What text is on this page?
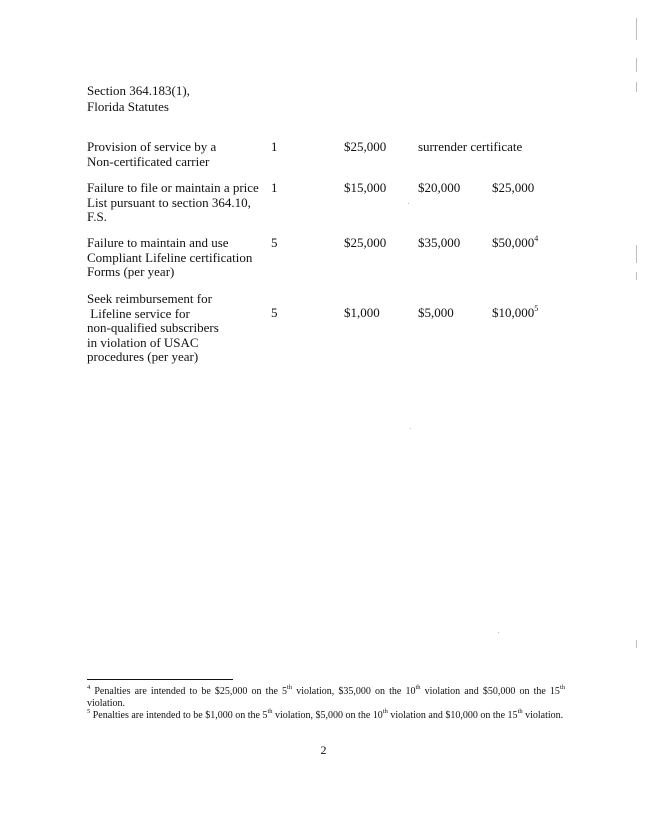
Section 364.183(1),
Florida Statutes
Provision of service by a
Non-certificated carrier
1	$25,000 surrender certificate
Failure to file or maintain a price
List pursuant to section 364.10,
F.S.
1	$15,000 $20,000 $25,000
Failure to maintain and use
Compliant Lifeline certification
Forms (per year)
5	$25,000 $35,000 $50,000$^4$
Seek reimbursement for
Lifeline service for
non-qualified subscribers
in violation of USAC
procedures (per year)
5	$1,000	$5,000	$10,000$^5$

$^4$ Penalties are intended to be $25,000 on the 5th violation, $35,000 on the 10th violation and $50,000 on the 15th violation.

$^5$ Penalties are intended to be $1,000 on the 5th violation, $5,000 on the 10th violation and $10,000 on the 15th violation.

2
